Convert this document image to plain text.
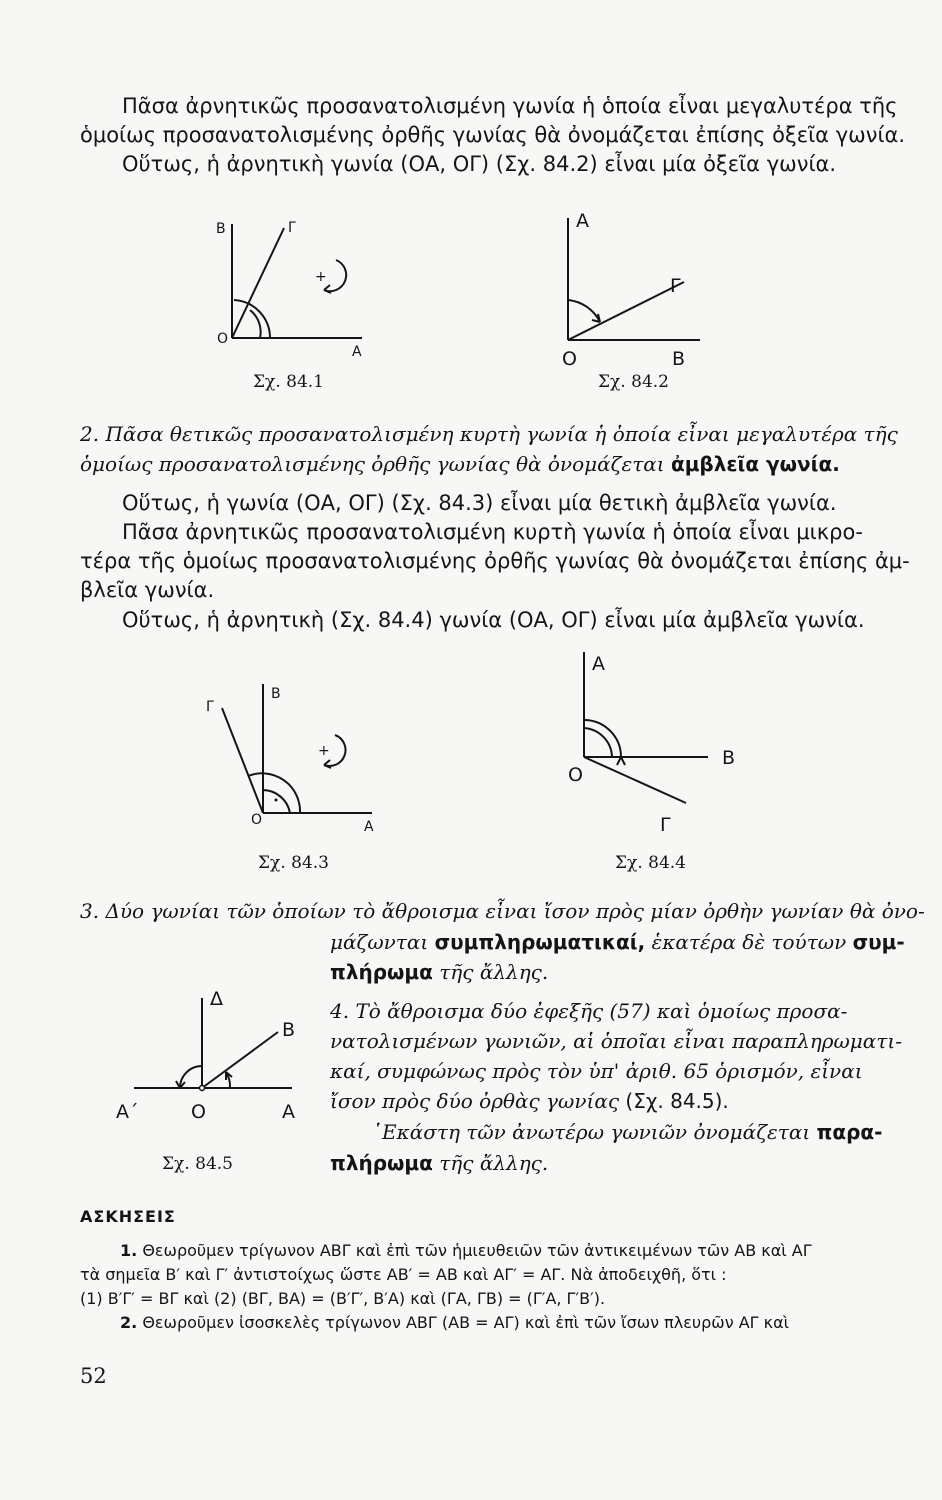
Πᾶσα ἀρνητικῶς προσανατολισμένη γωνία ἡ ὁποία εἶναι μεγαλυτέρα τῆς
ὁμοίως προσανατολισμένης ὀρθῆς γωνίας θὰ ὀνομάζεται ἐπίσης ὀξεῖα γωνία.
Οὕτως, ἡ ἀρνητικὴ γωνία (ΟΑ, ΟΓ) (Σχ. 84.2) εἶναι μία ὀξεῖα γωνία.
B	Γ
O
A
+
Σχ. 84.1
A
Γ
O	B
Σχ. 84.2
2. Πᾶσα θετικῶς προσανατολισμένη κυρτὴ γωνία ἡ ὁποία εἶναι μεγαλυτέρα τῆς
ὁμοίως προσανατολισμένης ὀρθῆς γωνίας θὰ ὀνομάζεται ἀμβλεῖα γωνία.
Οὕτως, ἡ γωνία (ΟΑ, ΟΓ) (Σχ. 84.3) εἶναι μία θετικὴ ἀμβλεῖα γωνία.
Πᾶσα ἀρνητικῶς προσανατολισμένη κυρτὴ γωνία ἡ ὁποία εἶναι μικρο-
τέρα τῆς ὁμοίως προσανατολισμένης ὀρθῆς γωνίας θὰ ὀνομάζεται ἐπίσης ἀμ-
βλεῖα γωνία.
Οὕτως, ἡ ἀρνητικὴ (Σχ. 84.4) γωνία (ΟΑ, ΟΓ) εἶναι μία ἀμβλεῖα γωνία.
Γ
B
O	A
+
Σχ. 84.3
A
B
O
Γ
Σχ. 84.4
3. Δύο γωνίαι τῶν ὁποίων τὸ ἄθροισμα εἶναι ἴσον πρὸς μίαν ὀρθὴν γωνίαν θὰ ὀνο-
μάζωνται συμπληρωματικαί, ἑκατέρα δὲ τούτων συμ-
πλήρωμα τῆς ἄλλης.
4. Τὸ ἄθροισμα δύο ἐφεξῆς (57) καὶ ὁμοίως προσα-
νατολισμένων γωνιῶν, αἱ ὁποῖαι εἶναι παραπληρωματι-
καί, συμφώνως πρὸς τὸν ὑπ' ἀριθ. 65 ὁρισμόν, εἶναι
ἴσον πρὸς δύο ὀρθὰς γωνίας (Σχ. 84.5).
῾Εκάστη τῶν ἀνωτέρω γωνιῶν ὀνομάζεται παρα-
πλήρωμα τῆς ἄλλης.
Δ
B
A΄	O	A
Σχ. 84.5
ΑΣΚΗΣΕΙΣ
1. Θεωροῦμεν τρίγωνον ΑΒΓ καὶ ἐπὶ τῶν ἡμιευθειῶν τῶν ἀντικειμένων τῶν ΑΒ καὶ ΑΓ
τὰ σημεῖα Β′ καὶ Γ′ ἀντιστοίχως ὥστε ΑΒ′ = ΑΒ καὶ ΑΓ′ = ΑΓ. Νὰ ἀποδειχθῆ, ὅτι :
(1) Β′Γ′ = ΒΓ καὶ (2) (ΒΓ, ΒΑ) = (Β′Γ′, Β′Α) καὶ (ΓΑ, ΓΒ) = (Γ′Α, Γ′Β′).
2. Θεωροῦμεν ἰσοσκελὲς τρίγωνον ΑΒΓ (ΑΒ = ΑΓ) καὶ ἐπὶ τῶν ἴσων πλευρῶν ΑΓ καὶ
52
